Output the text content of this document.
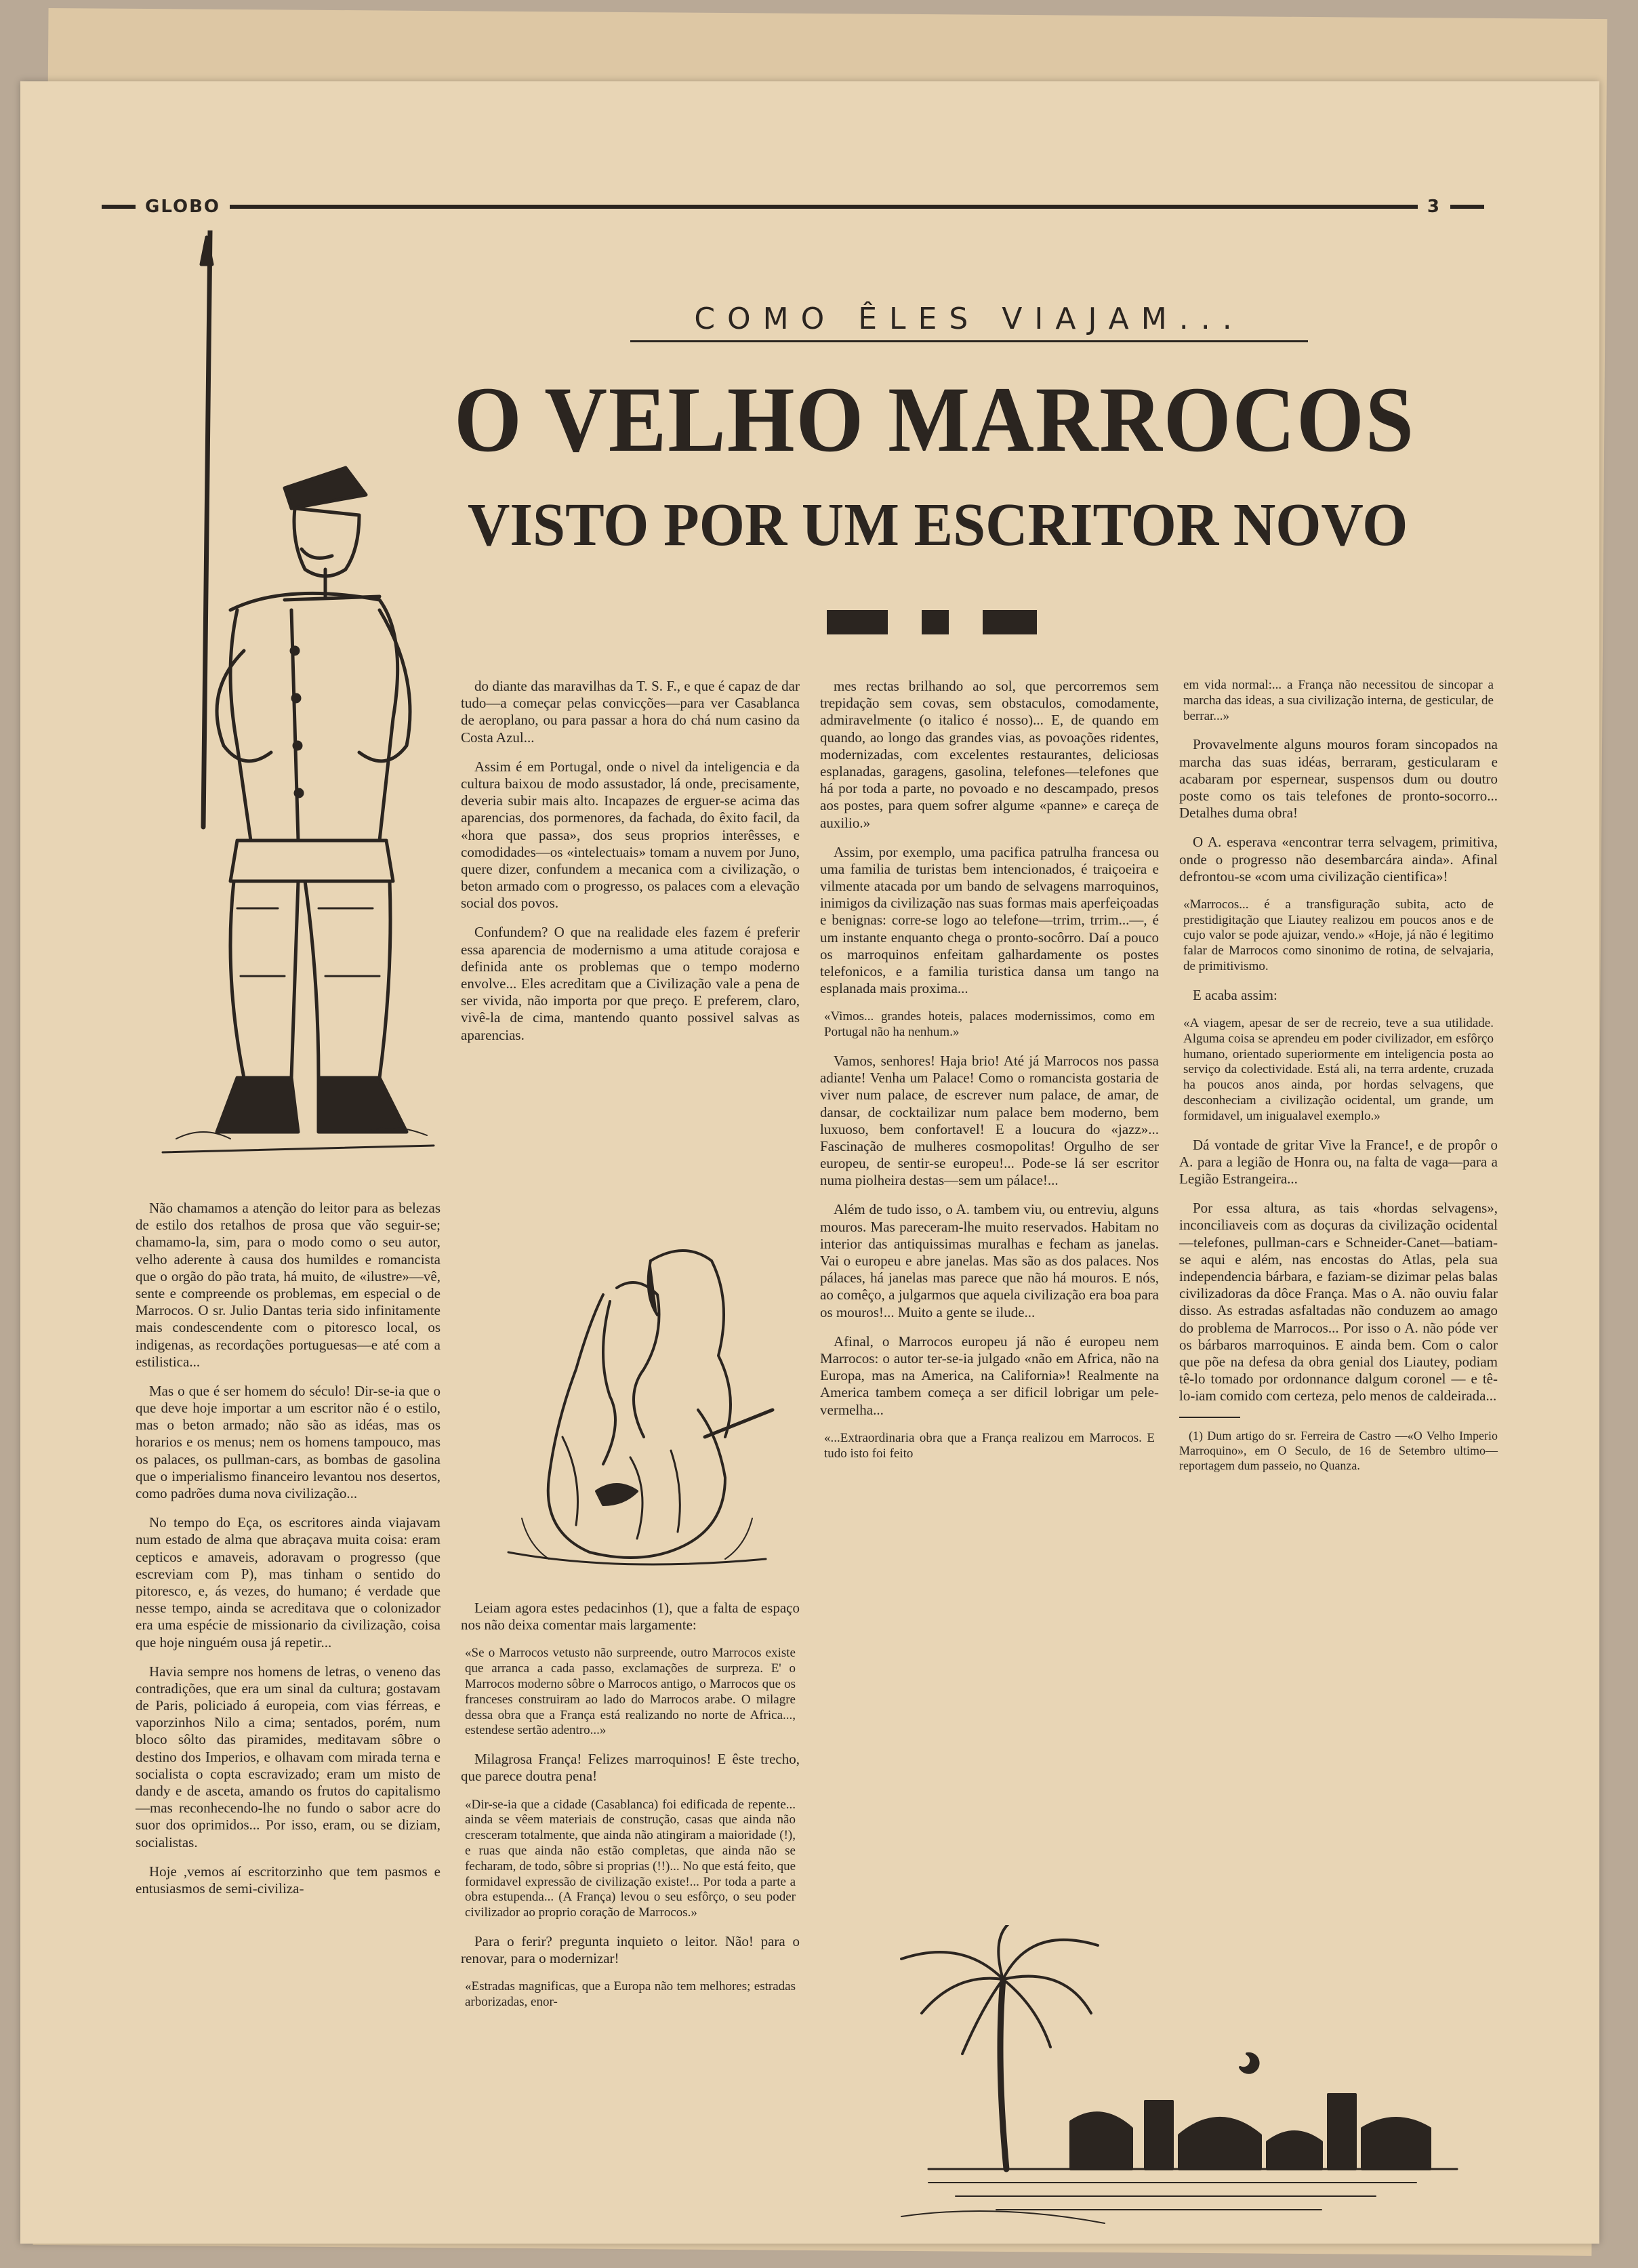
GLOBO	3
COMO ÊLES VIAJAM...
O VELHO MARROCOS
VISTO POR UM ESCRITOR NOVO

Não chamamos a atenção do leitor para as belezas de estilo dos retalhos de prosa que vão seguir-se; chamamo-la, sim, para o modo como o seu autor, velho aderente à causa dos humildes e romancista que o orgão do pão trata, há muito, de «ilustre»—vê, sente e compreende os problemas, em especial o de Marrocos. O sr. Julio Dantas teria sido infinitamente mais condescendente com o pitoresco local, os indigenas, as recordações portuguesas—e até com a estilistica...

Mas o que é ser homem do século! Dir-se-ia que o que deve hoje importar a um escritor não é o estilo, mas o beton armado; não são as idéas, mas os horarios e os menus; nem os homens tampouco, mas os palaces, os pullman-cars, as bombas de gasolina que o imperialismo financeiro levantou nos desertos, como padrões duma nova civilização...

No tempo do Eça, os escritores ainda viajavam num estado de alma que abraçava muita coisa: eram cepticos e amaveis, adoravam o progresso (que escreviam com P), mas tinham o sentido do pitoresco, e, ás vezes, do humano; é verdade que nesse tempo, ainda se acreditava que o colonizador era uma espécie de missionario da civilização, coisa que hoje ninguém ousa já repetir...

Havia sempre nos homens de letras, o veneno das contradições, que era um sinal da cultura; gostavam de Paris, policiado á europeia, com vias férreas, e vaporzinhos Nilo a cima; sentados, porém, num bloco sôlto das piramides, meditavam sôbre o destino dos Imperios, e olhavam com mirada terna e socialista o copta escravizado; eram um misto de dandy e de asceta, amando os frutos do capitalismo—mas reconhecendo-lhe no fundo o sabor acre do suor dos oprimidos... Por isso, eram, ou se diziam, socialistas.

Hoje ,vemos aí escritorzinho que tem pasmos e entusiasmos de semi-civiliza-

do diante das maravilhas da T. S. F., e que é capaz de dar tudo—a começar pelas convicções—para ver Casablanca de aeroplano, ou para passar a hora do chá num casino da Costa Azul...

Assim é em Portugal, onde o nivel da inteligencia e da cultura baixou de modo assustador, lá onde, precisamente, deveria subir mais alto. Incapazes de erguer-se acima das aparencias, dos pormenores, da fachada, do êxito facil, da «hora que passa», dos seus proprios interêsses, e comodidades—os «intelectuais» tomam a nuvem por Juno, quere dizer, confundem a mecanica com a civilização, o beton armado com o progresso, os palaces com a elevação social dos povos.

Confundem? O que na realidade eles fazem é preferir essa aparencia de modernismo a uma atitude corajosa e definida ante os problemas que o tempo moderno envolve... Eles acreditam que a Civilização vale a pena de ser vivida, não importa por que preço. E preferem, claro, vivê-la de cima, mantendo quanto possivel salvas as aparencias.

Leiam agora estes pedacinhos (1), que a falta de espaço nos não deixa comentar mais largamente:

«Se o Marrocos vetusto não surpreende, outro Marrocos existe que arranca a cada passo, exclamações de surpreza. E' o Marrocos moderno sôbre o Marrocos antigo, o Marrocos que os franceses construiram ao lado do Marrocos arabe. O milagre dessa obra que a França está realizando no norte de Africa..., estendese sertão adentro...»

Milagrosa França! Felizes marroquinos! E êste trecho, que parece doutra pena!

«Dir-se-ia que a cidade (Casablanca) foi edificada de repente... ainda se vêem materiais de construção, casas que ainda não cresceram totalmente, que ainda não atingiram a maioridade (!), e ruas que ainda não estão completas, que ainda não se fecharam, de todo, sôbre si proprias (!!)... No que está feito, que formidavel expressão de civilização existe!... Por toda a parte a obra estupenda... (A França) levou o seu esfôrço, o seu poder civilizador ao proprio coração de Marrocos.»

Para o ferir? pregunta inquieto o leitor. Não! para o renovar, para o modernizar!

«Estradas magnificas, que a Europa não tem melhores; estradas arborizadas, enor-

mes rectas brilhando ao sol, que percorremos sem trepidação sem covas, sem obstaculos, comodamente, admiravelmente (o italico é nosso)... E, de quando em quando, ao longo das grandes vias, as povoações ridentes, modernizadas, com excelentes restaurantes, deliciosas esplanadas, garagens, gasolina, telefones—telefones que há por toda a parte, no povoado e no descampado, presos aos postes, para quem sofrer algume «panne» e careça de auxilio.»

Assim, por exemplo, uma pacifica patrulha francesa ou uma familia de turistas bem intencionados, é traiçoeira e vilmente atacada por um bando de selvagens marroquinos, inimigos da civilização nas suas formas mais aperfeiçoadas e benignas: corre-se logo ao telefone—trrim, trrim...—, é um instante enquanto chega o pronto-socôrro. Daí a pouco os marroquinos enfeitam galhardamente os postes telefonicos, e a familia turistica dansa um tango na esplanada mais proxima...

«Vimos... grandes hoteis, palaces modernissimos, como em Portugal não ha nenhum.»

Vamos, senhores! Haja brio! Até já Marrocos nos passa adiante! Venha um Palace! Como o romancista gostaria de viver num palace, de escrever num palace, de amar, de dansar, de cocktailizar num palace bem moderno, bem luxuoso, bem confortavel! E a loucura do «jazz»... Fascinação de mulheres cosmopolitas! Orgulho de ser europeu, de sentir-se europeu!... Pode-se lá ser escritor numa piolheira destas—sem um pálace!...

Além de tudo isso, o A. tambem viu, ou entreviu, alguns mouros. Mas pareceram-lhe muito reservados. Habitam no interior das antiquissimas muralhas e fecham as janelas. Vai o europeu e abre janelas. Mas são as dos palaces. Nos pálaces, há janelas mas parece que não há mouros. E nós, ao comêço, a julgarmos que aquela civilização era boa para os mouros!... Muito a gente se ilude...

Afinal, o Marrocos europeu já não é europeu nem Marrocos: o autor ter-se-ia julgado «não em Africa, não na Europa, mas na America, na California»! Realmente na America tambem começa a ser dificil lobrigar um pele-vermelha...

«...Extraordinaria obra que a França realizou em Marrocos. E tudo isto foi feito

em vida normal:... a França não necessitou de sincopar a marcha das ideas, a sua civilização interna, de gesticular, de berrar...»

Provavelmente alguns mouros foram sincopados na marcha das suas idéas, berraram, gesticularam e acabaram por espernear, suspensos dum ou doutro poste como os tais telefones de pronto-socorro... Detalhes duma obra!

O A. esperava «encontrar terra selvagem, primitiva, onde o progresso não desembarcára ainda». Afinal defrontou-se «com uma civilização cientifica»!

«Marrocos... é a transfiguração subita, acto de prestidigitação que Liautey realizou em poucos anos e de cujo valor se pode ajuizar, vendo.» «Hoje, já não é legitimo falar de Marrocos como sinonimo de rotina, de selvajaria, de primitivismo.

E acaba assim:

«A viagem, apesar de ser de recreio, teve a sua utilidade. Alguma coisa se aprendeu em poder civilizador, em esfôrço humano, orientado superiormente em inteligencia posta ao serviço da colectividade. Está ali, na terra ardente, cruzada ha poucos anos ainda, por hordas selvagens, que desconheciam a civilização ocidental, um grande, um formidavel, um inigualavel exemplo.»

Dá vontade de gritar Vive la France!, e de propôr o A. para a legião de Honra ou, na falta de vaga—para a Legião Estrangeira...

Por essa altura, as tais «hordas selvagens», inconciliaveis com as doçuras da civilização ocidental—telefones, pullman-cars e Schneider-Canet—batiam-se aqui e além, nas encostas do Atlas, pela sua independencia bárbara, e faziam-se dizimar pelas balas civilizadoras da dôce França. Mas o A. não ouviu falar disso. As estradas asfaltadas não conduzem ao amago do problema de Marrocos... Por isso o A. não póde ver os bárbaros marroquinos. E ainda bem. Com o calor que põe na defesa da obra genial dos Liautey, podiam tê-lo tomado por ordonnance dalgum coronel — e tê-lo-iam comido com certeza, pelo menos de caldeirada...

(1) Dum artigo do sr. Ferreira de Castro —«O Velho Imperio Marroquino», em O Seculo, de 16 de Setembro ultimo—reportagem dum passeio, no Quanza.
